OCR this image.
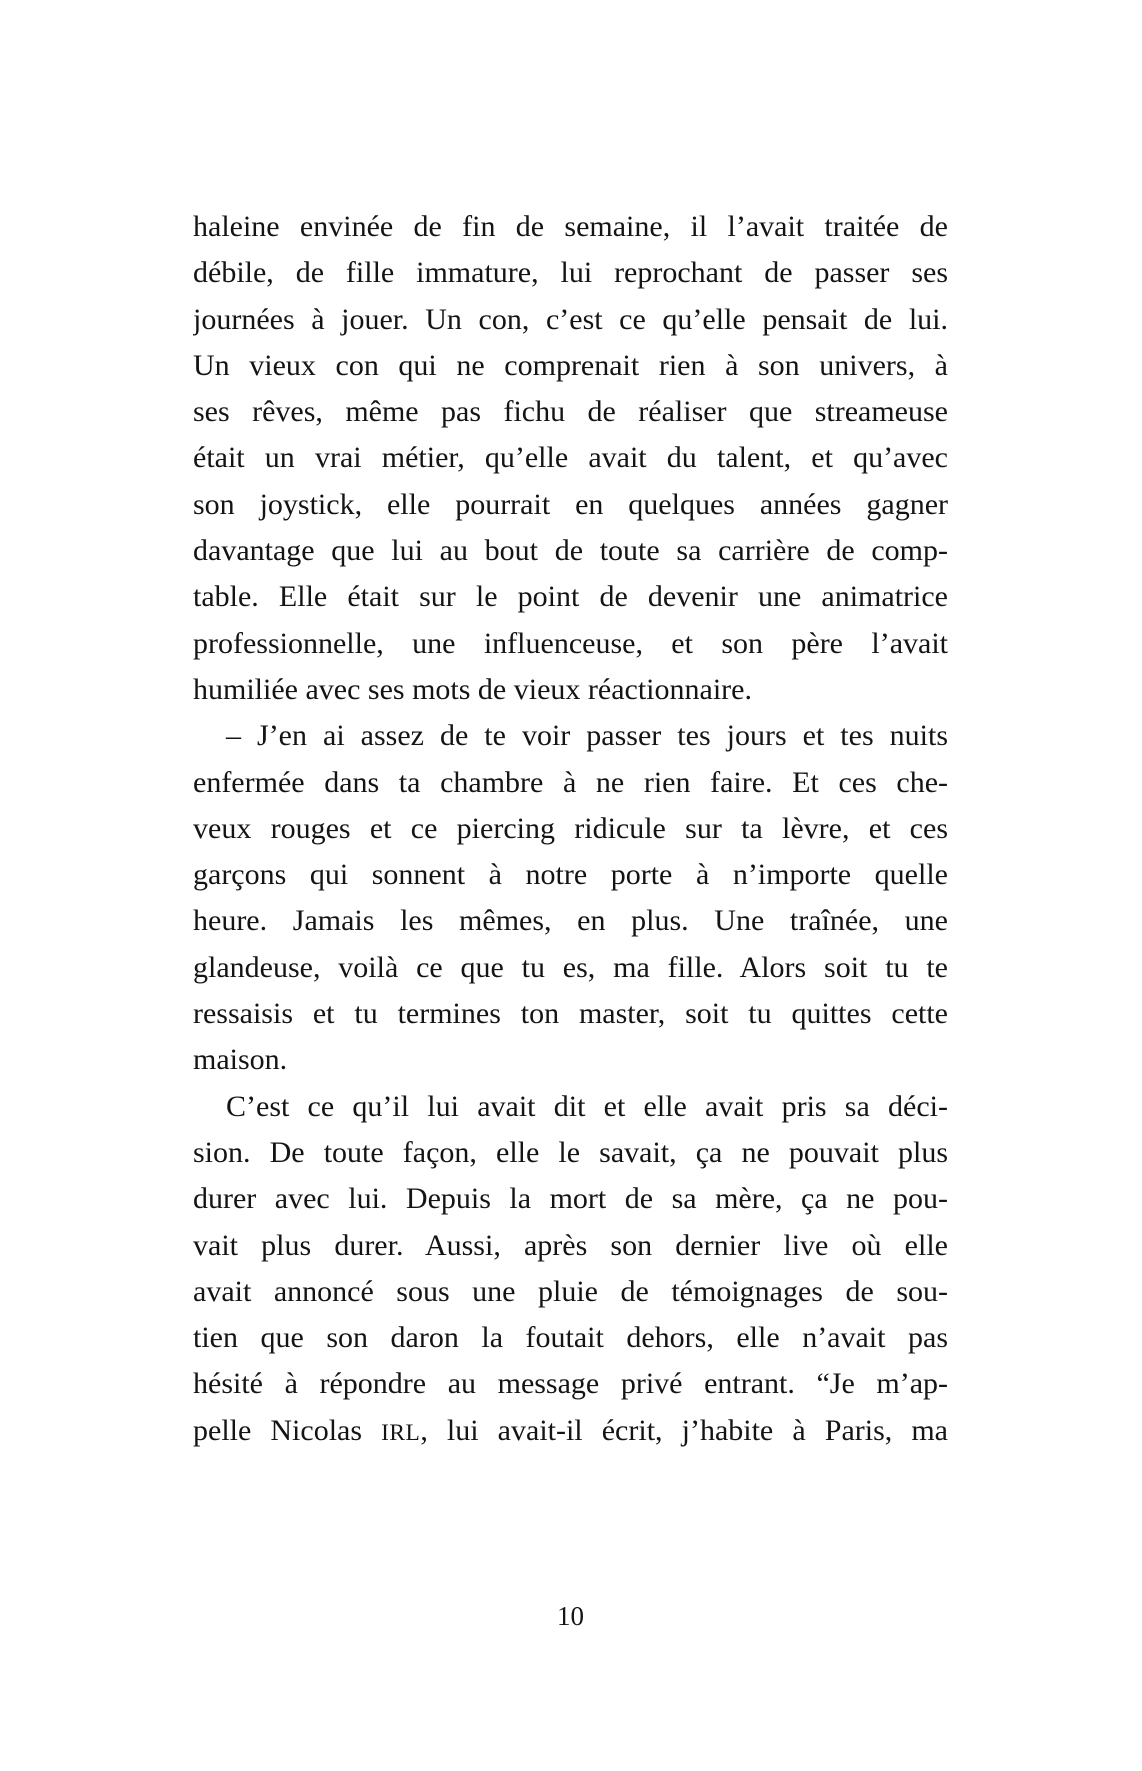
haleine envinée de fin de semaine, il l’avait traitée de
débile, de fille immature, lui reprochant de passer ses
journées à jouer. Un con, c’est ce qu’elle pensait de lui.
Un vieux con qui ne comprenait rien à son univers, à
ses rêves, même pas fichu de réaliser que streameuse
était un vrai métier, qu’elle avait du talent, et qu’avec
son joystick, elle pourrait en quelques années gagner
davantage que lui au bout de toute sa carrière de comp-
table. Elle était sur le point de devenir une animatrice
professionnelle, une influenceuse, et son père l’avait
humiliée avec ses mots de vieux réactionnaire.
– J’en ai assez de te voir passer tes jours et tes nuits
enfermée dans ta chambre à ne rien faire. Et ces che-
veux rouges et ce piercing ridicule sur ta lèvre, et ces
garçons qui sonnent à notre porte à n’importe quelle
heure. Jamais les mêmes, en plus. Une traînée, une
glandeuse, voilà ce que tu es, ma fille. Alors soit tu te
ressaisis et tu termines ton master, soit tu quittes cette
maison.
C’est ce qu’il lui avait dit et elle avait pris sa déci-
sion. De toute façon, elle le savait, ça ne pouvait plus
durer avec lui. Depuis la mort de sa mère, ça ne pou-
vait plus durer. Aussi, après son dernier live où elle
avait annoncé sous une pluie de témoignages de sou-
tien que son daron la foutait dehors, elle n’avait pas
hésité à répondre au message privé entrant. “Je m’ap-
pelle Nicolas IRL, lui avait-il écrit, j’habite à Paris, ma
10
